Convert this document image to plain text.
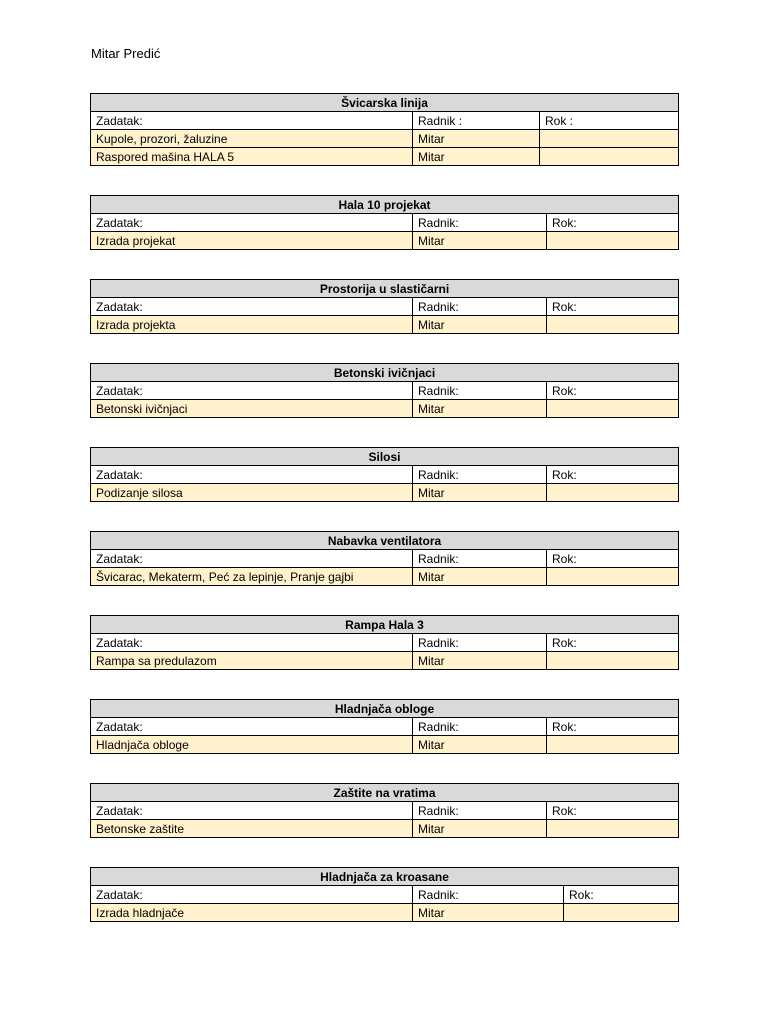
Mitar Predić
Švicarska linija		
Zadatak:	Radnik :	Rok :
Kupole, prozori, žaluzine	Mitar	
Raspored mašina HALA 5	Mitar	
Hala 10 projekat		
Zadatak:	Radnik:	Rok:
Izrada projekat	Mitar	
Prostorija u slastičarni		
Zadatak:	Radnik:	Rok:
Izrada projekta	Mitar	
Betonski ivičnjaci		
Zadatak:	Radnik:	Rok:
Betonski ivičnjaci	Mitar	
Silosi		
Zadatak:	Radnik:	Rok:
Podizanje silosa	Mitar	
Nabavka ventilatora		
Zadatak:	Radnik:	Rok:
Švicarac, Mekaterm, Peć za lepinje, Pranje gajbi	Mitar	
Rampa Hala 3		
Zadatak:	Radnik:	Rok:
Rampa sa predulazom	Mitar	
Hladnjača obloge		
Zadatak:	Radnik:	Rok:
Hladnjača obloge	Mitar	
Zaštite na vratima		
Zadatak:	Radnik:	Rok:
Betonske zaštite	Mitar	
Hladnjača za kroasane		
Zadatak:	Radnik:	Rok:
Izrada hladnjače	Mitar	
